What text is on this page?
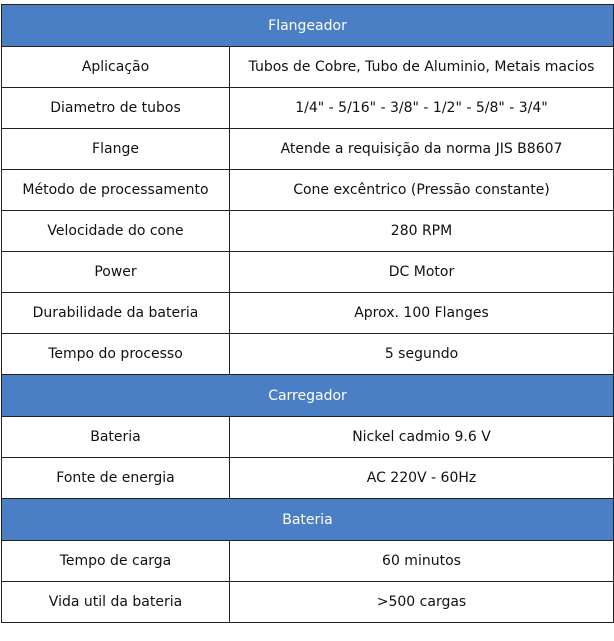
Flangeador	
Aplicação	Tubos de Cobre, Tubo de Aluminio, Metais macios
Diametro de tubos	1/4" - 5/16" - 3/8" - 1/2" - 5/8" - 3/4"
Flange	Atende a requisição da norma JIS B8607
Método de processamento	Cone excêntrico (Pressão constante)
Velocidade do cone	280 RPM
Power	DC Motor
Durabilidade da bateria	Aprox. 100 Flanges
Tempo do processo	5 segundo
Carregador	
Bateria	Nickel cadmio 9.6 V
Fonte de energia	AC 220V - 60Hz
Bateria	
Tempo de carga	60 minutos
Vida util da bateria	>500 cargas
